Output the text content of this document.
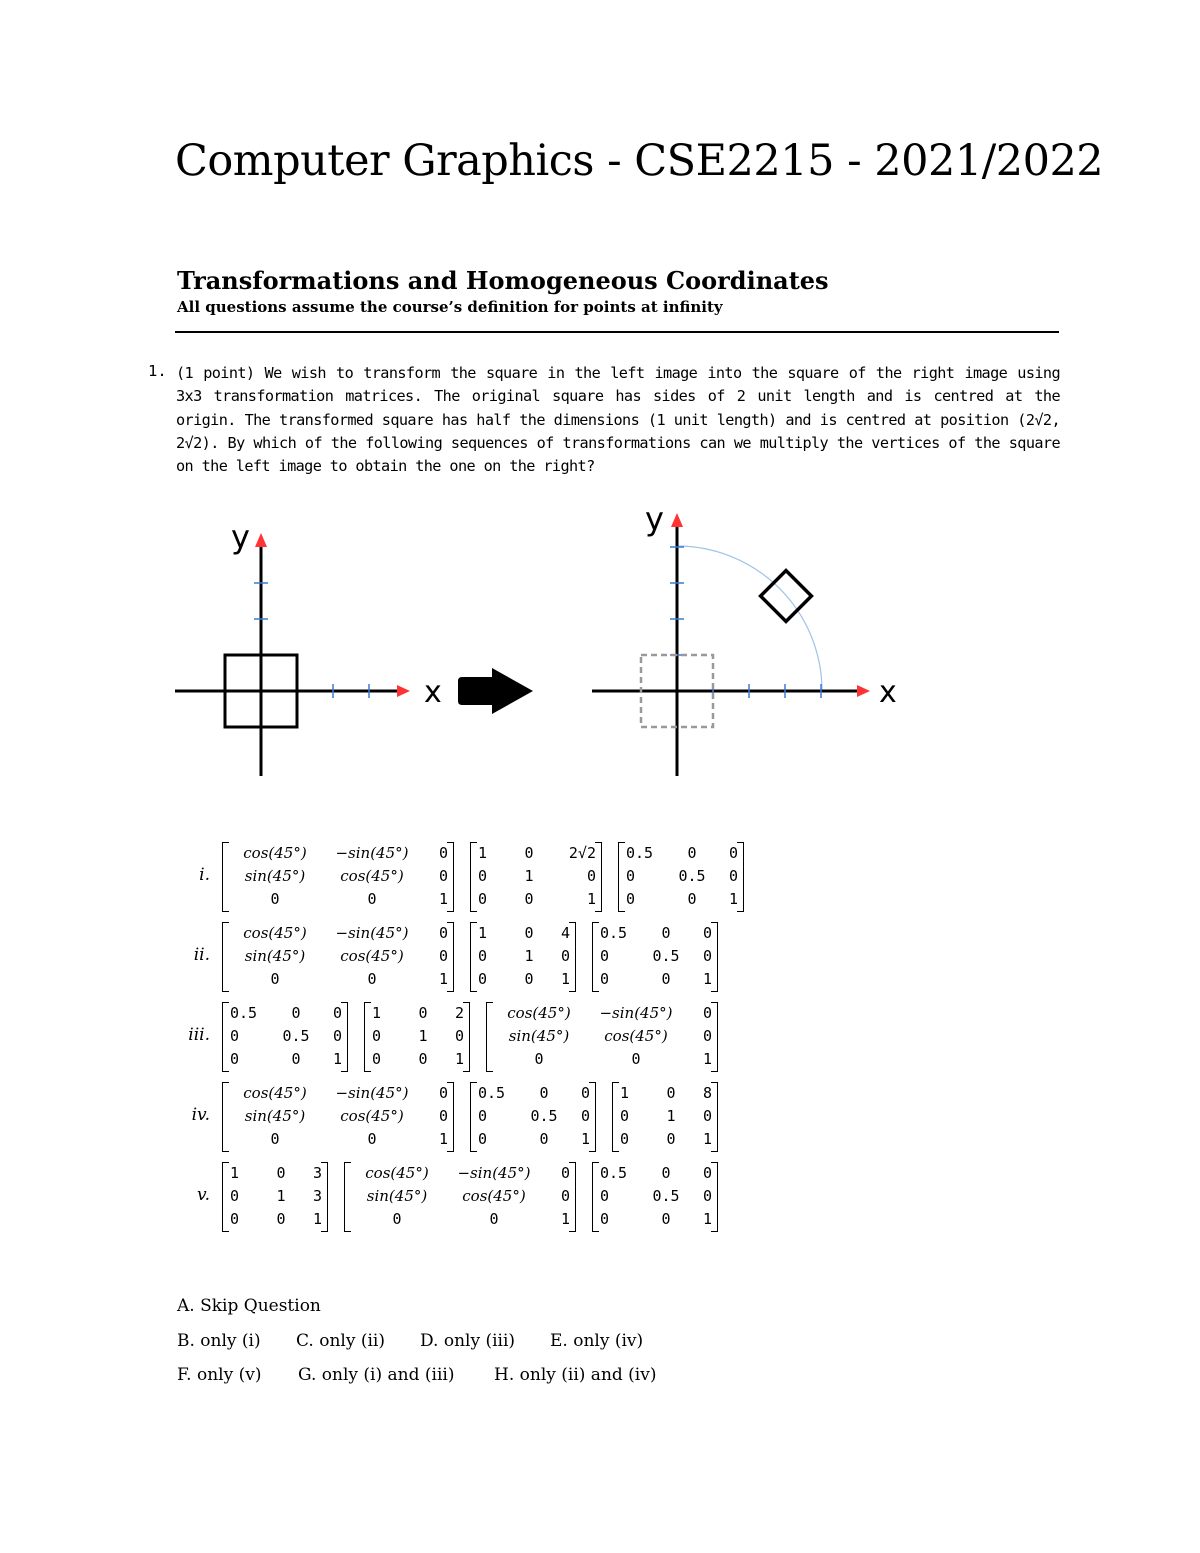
Computer Graphics - CSE2215 - 2021/2022
Transformations and Homogeneous Coordinates
All questions assume the course’s definition for points at infinity
1. (1 point) We wish to transform the square in the left image into the square of the right image using 3x3 transformation matrices. The original square has sides of 2 unit length and is centred at the origin. The transformed square has half the dimensions (1 unit length) and is centred at position (2√2, 2√2). By which of the following sequences of transformations can we multiply the vertices of the square on the left image to obtain the one on the right?
x
y
x
y
i.
cos(45°)	−sin(45°)	0
sin(45°)	cos(45°)	0
0	0	1
1	0	2√2
0	1	0
0	0	1
0.5	0	0
0	0.5	0
0	0	1
ii.
cos(45°)	−sin(45°)	0
sin(45°)	cos(45°)	0
0	0	1
1	0	4
0	1	0
0	0	1
0.5	0	0
0	0.5	0
0	0	1
iii.
0.5	0	0
0	0.5	0
0	0	1
1	0	2
0	1	0
0	0	1
cos(45°)	−sin(45°)	0
sin(45°)	cos(45°)	0
0	0	1
iv.
cos(45°)	−sin(45°)	0
sin(45°)	cos(45°)	0
0	0	1
0.5	0	0
0	0.5	0
0	0	1
1	0	8
0	1	0
0	0	1
v.
1	0	3
0	1	3
0	0	1
cos(45°)	−sin(45°)	0
sin(45°)	cos(45°)	0
0	0	1
0.5	0	0
0	0.5	0
0	0	1
A. Skip Question
B. only (i) C. only (ii) D. only (iii) E. only (iv)
F. only (v) G. only (i) and (iii) H. only (ii) and (iv)
